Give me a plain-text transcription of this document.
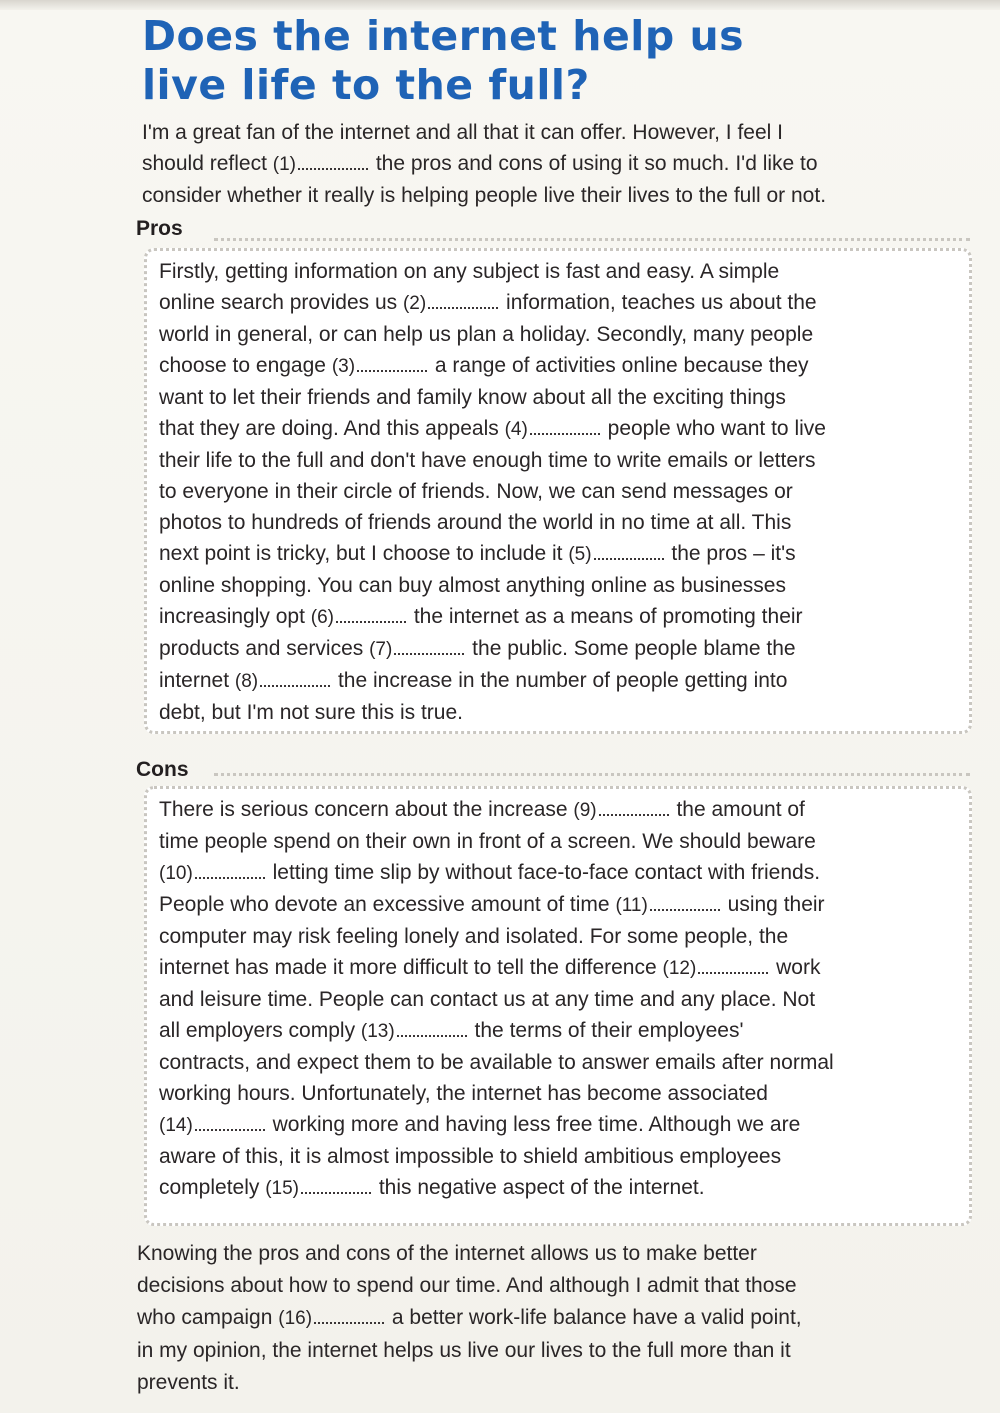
Does the internet help us
live life to the full?
I'm a great fan of the internet and all that it can offer. However, I feel I
should reflect (1)	the pros and cons of using it so much. I'd like to
consider whether it really is helping people live their lives to the full or not.
Pros
Firstly, getting information on any subject is fast and easy. A simple
online search provides us (2)	information, teaches us about the
world in general, or can help us plan a holiday. Secondly, many people
choose to engage (3)	a range of activities online because they
want to let their friends and family know about all the exciting things
that they are doing. And this appeals (4)	people who want to live
their life to the full and don't have enough time to write emails or letters
to everyone in their circle of friends. Now, we can send messages or
photos to hundreds of friends around the world in no time at all. This
next point is tricky, but I choose to include it (5)	the pros – it's
online shopping. You can buy almost anything online as businesses
increasingly opt (6)	the internet as a means of promoting their
products and services (7)	the public. Some people blame the
internet (8)	the increase in the number of people getting into
debt, but I'm not sure this is true.
Cons
There is serious concern about the increase (9)	the amount of
time people spend on their own in front of a screen. We should beware
(10)	letting time slip by without face-to-face contact with friends.
People who devote an excessive amount of time (11)	using their
computer may risk feeling lonely and isolated. For some people, the
internet has made it more difficult to tell the difference (12)	work
and leisure time. People can contact us at any time and any place. Not
all employers comply (13)	the terms of their employees'
contracts, and expect them to be available to answer emails after normal
working hours. Unfortunately, the internet has become associated
(14)	working more and having less free time. Although we are
aware of this, it is almost impossible to shield ambitious employees
completely (15)	this negative aspect of the internet.
Knowing the pros and cons of the internet allows us to make better
decisions about how to spend our time. And although I admit that those
who campaign (16)	a better work-life balance have a valid point,
in my opinion, the internet helps us live our lives to the full more than it
prevents it.
